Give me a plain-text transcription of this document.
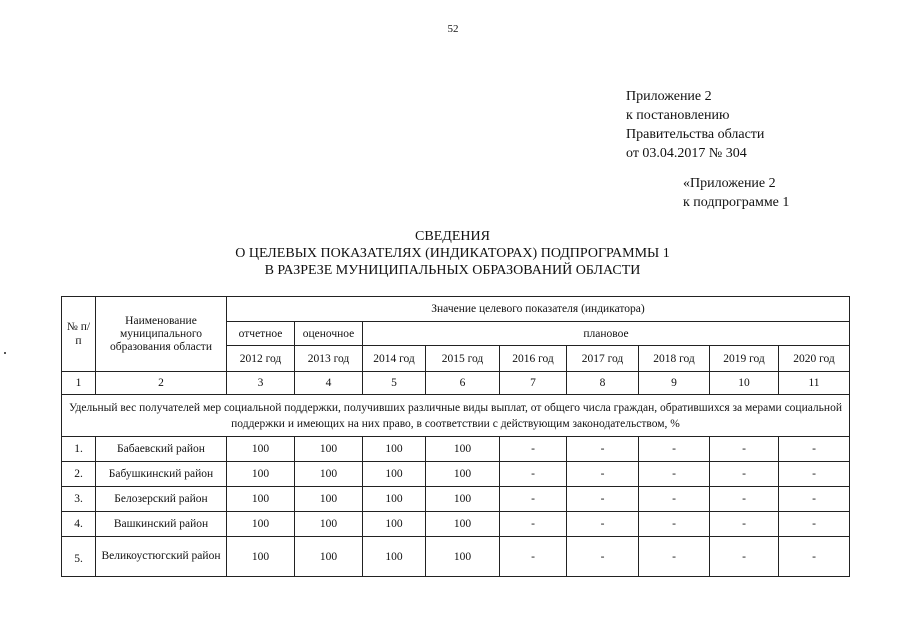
52
Приложение 2
к постановлению
Правительства области
от 03.04.2017 № 304
«Приложение 2
к подпрограмме 1
СВЕДЕНИЯ
О ЦЕЛЕВЫХ ПОКАЗАТЕЛЯХ (ИНДИКАТОРАХ) ПОДПРОГРАММЫ 1
В РАЗРЕЗЕ МУНИЦИПАЛЬНЫХ ОБРАЗОВАНИЙ ОБЛАСТИ
№ п/п	Наименование муниципального образования области	Значение целевого показателя (индикатора)								
		отчетное	оценочное	плановое						
		2012 год	2013 год	2014 год	2015 год	2016 год	2017 год	2018 год	2019 год	2020 год
1	2	3	4	5	6	7	8	9	10	11
Удельный вес получателей мер социальной поддержки, получивших различные виды выплат, от общего числа граждан, обратившихся за мерами социальной поддержки и имеющих на них право, в соответствии с действующим законодательством, %										
1.	Бабаевский район	100	100	100	100	-	-	-	-	-
2.	Бабушкинский район	100	100	100	100	-	-	-	-	-
3.	Белозерский район	100	100	100	100	-	-	-	-	-
4.	Вашкинский район	100	100	100	100	-	-	-	-	-
5.	Великоустюгский район	100	100	100	100	-	-	-	-	-
